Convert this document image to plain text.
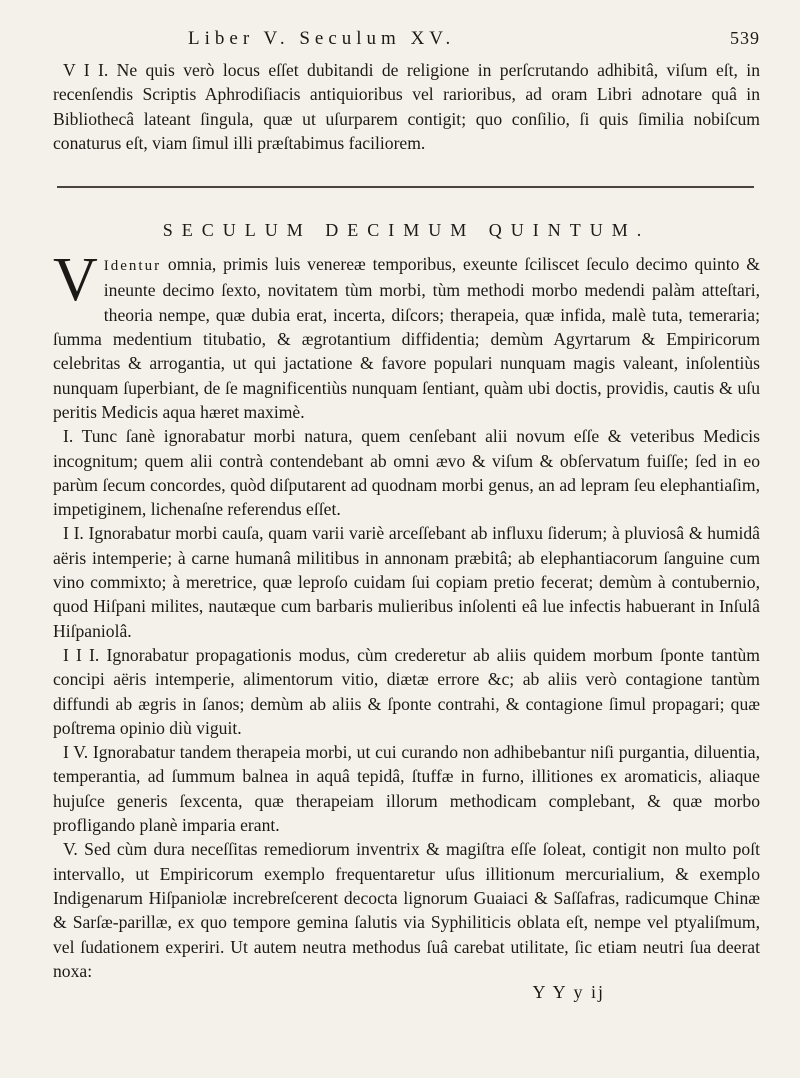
Liber V. Seculum XV.	539

V I I. Ne quis verò locus eſſet dubitandi de religione in perſcrutando adhibitâ, viſum eſt, in recenſendis Scriptis Aphrodiſiacis antiquioribus vel rarioribus, ad oram Libri adnotare quâ in Bibliothecâ lateant ſingula, quæ ut uſurparem contigit; quo conſilio, ſi quis ſimilia nobiſcum conaturus eſt, viam ſimul illi præſtabimus faciliorem.

SECULUM DECIMUM QUINTUM.

V Identur omnia, primis luis venereæ temporibus, exeunte ſciliscet ſeculo decimo quinto & ineunte decimo ſexto, novitatem tùm morbi, tùm methodi morbo medendi palàm atteſtari, theoria nempe, quæ dubia erat, incerta, diſcors; therapeia, quæ infida, malè tuta, temeraria; ſumma medentium titubatio, & ægrotantium diffidentia; demùm Agyrtarum & Empiricorum celebritas & arrogantia, ut qui jactatione & favore populari nunquam magis valeant, inſolentiùs nunquam ſuperbiant, de ſe magnificentiùs nunquam ſentiant, quàm ubi doctis, providis, cautis & uſu peritis Medicis aqua hæret maximè.

I. Tunc ſanè ignorabatur morbi natura, quem cenſebant alii novum eſſe & veteribus Medicis incognitum; quem alii contrà contendebant ab omni ævo & viſum & obſervatum fuiſſe; ſed in eo parùm ſecum concordes, quòd diſputarent ad quodnam morbi genus, an ad lepram ſeu elephantiaſim, impetiginem, lichenaſne referendus eſſet.

I I. Ignorabatur morbi cauſa, quam varii variè arceſſebant ab influxu ſiderum; à pluviosâ & humidâ aëris intemperie; à carne humanâ militibus in annonam præbitâ; ab elephantiacorum ſanguine cum vino commixto; à meretrice, quæ leproſo cuidam ſui copiam pretio fecerat; demùm à contubernio, quod Hiſpani milites, nautæque cum barbaris mulieribus inſolenti eâ lue infectis habuerant in Inſulâ Hiſpaniolâ.

I I I. Ignorabatur propagationis modus, cùm crederetur ab aliis quidem morbum ſponte tantùm concipi aëris intemperie, alimentorum vitio, diætæ errore &c; ab aliis verò contagione tantùm diffundi ab ægris in ſanos; demùm ab aliis & ſponte contrahi, & contagione ſimul propagari; quæ poſtrema opinio diù viguit.

I V. Ignorabatur tandem therapeia morbi, ut cui curando non adhibebantur niſi purgantia, diluentia, temperantia, ad ſummum balnea in aquâ tepidâ, ſtuffæ in furno, illitiones ex aromaticis, aliaque hujuſce generis ſexcenta, quæ therapeiam illorum methodicam complebant, & quæ morbo profligando planè imparia erant.

V. Sed cùm dura neceſſitas remediorum inventrix & magiſtra eſſe ſoleat, contigit non multo poſt intervallo, ut Empiricorum exemplo frequentaretur uſus illitionum mercurialium, & exemplo Indigenarum Hiſpaniolæ increbreſcerent decocta lignorum Guaiaci & Saſſafras, radicumque Chinæ & Sarſæ-parillæ, ex quo tempore gemina ſalutis via Syphiliticis oblata eſt, nempe vel ptyaliſmum, vel ſudationem experiri. Ut autem neutra methodus ſuâ carebat utilitate, ſic etiam neutri ſua deerat noxa:

Y Y y ij
